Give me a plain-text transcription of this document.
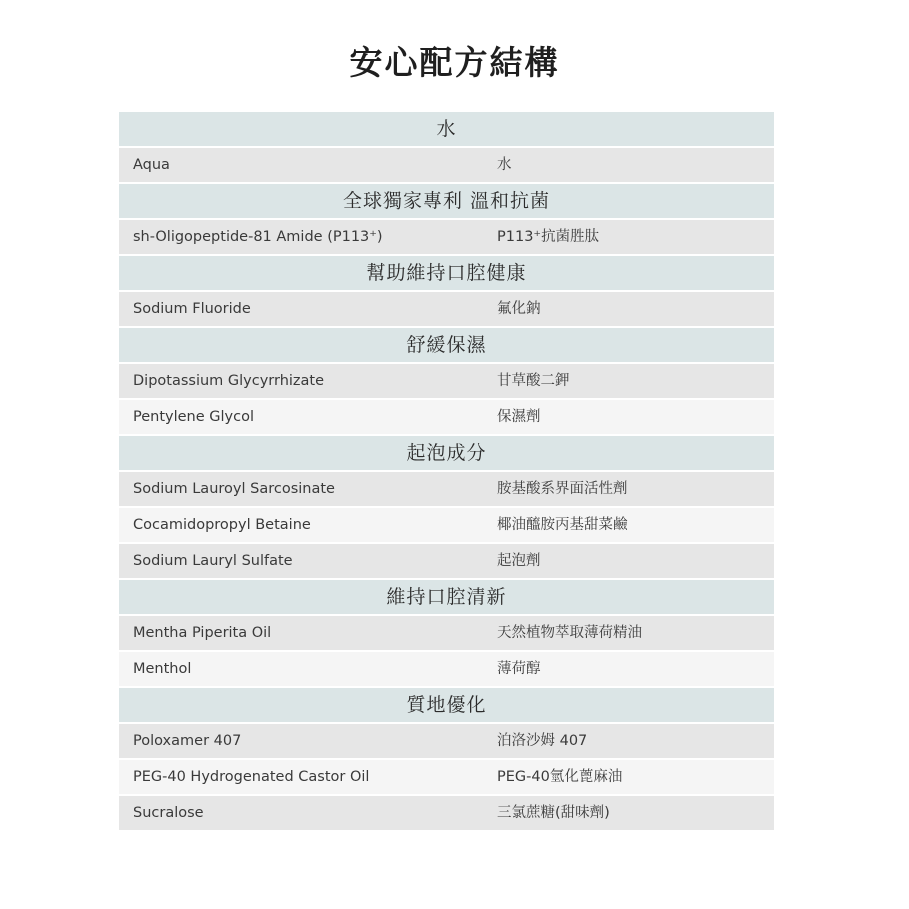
安心配方結構
水
Aqua	水
全球獨家專利 溫和抗菌
sh-Oligopeptide-81 Amide (P113⁺)	P113⁺抗菌胜肽
幫助維持口腔健康
Sodium Fluoride	氟化鈉
舒緩保濕
Dipotassium Glycyrrhizate	甘草酸二鉀
Pentylene Glycol	保濕劑
起泡成分
Sodium Lauroyl Sarcosinate	胺基酸系界面活性劑
Cocamidopropyl Betaine	椰油醯胺丙基甜菜鹼
Sodium Lauryl Sulfate	起泡劑
維持口腔清新
Mentha Piperita Oil	天然植物萃取薄荷精油
Menthol	薄荷醇
質地優化
Poloxamer 407	泊洛沙姆 407
PEG-40 Hydrogenated Castor Oil	PEG-40氫化蓖麻油
Sucralose	三氯蔗糖(甜味劑)
